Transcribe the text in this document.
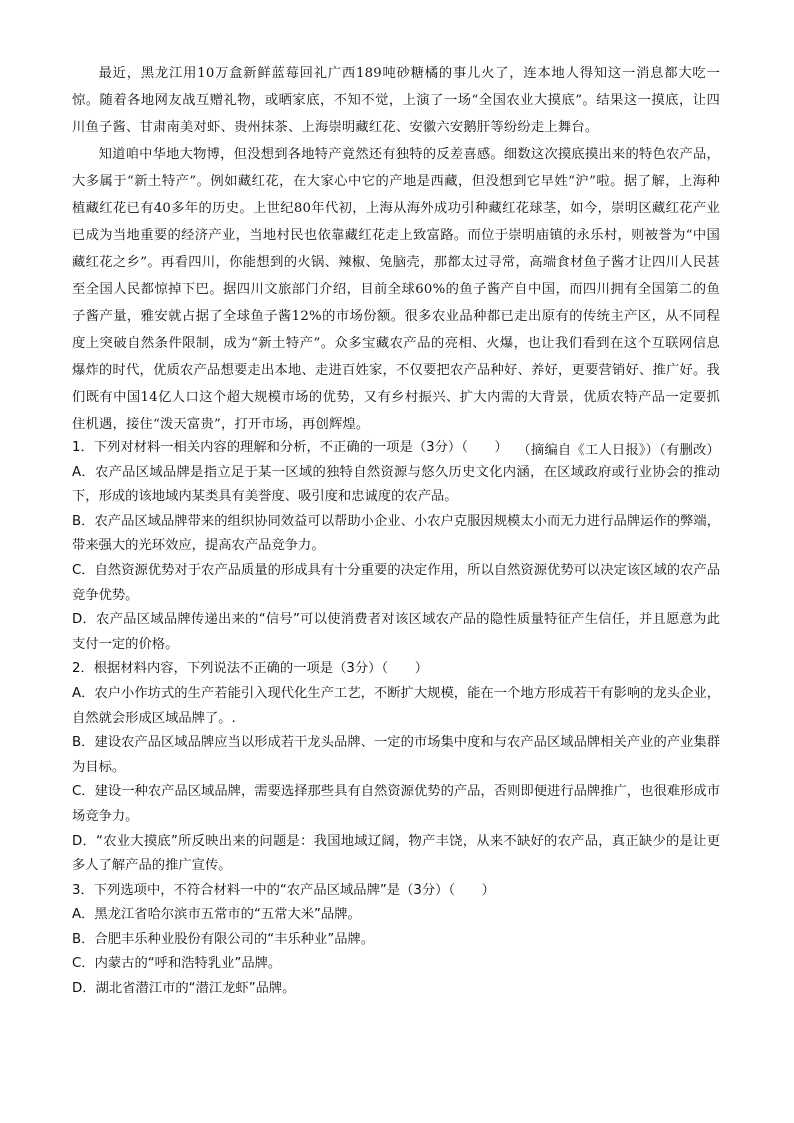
最近，黑龙江用10万盒新鲜蓝莓回礼广西189吨砂糖橘的事儿火了，连本地人得知这一消息都大吃一惊。随着各地网友战互赠礼物，或晒家底，不知不觉，上演了一场“全国农业大摸底”。结果这一摸底，让四川鱼子酱、甘肃南美对虾、贵州抹茶、上海崇明藏红花、安徽六安鹅肝等纷纷走上舞台。

知道咱中华地大物博，但没想到各地特产竟然还有独特的反差喜感。细数这次摸底摸出来的特色农产品，大多属于“新土特产”。例如藏红花，在大家心中它的产地是西藏，但没想到它早姓“沪”啦。据了解，上海种植藏红花已有40多年的历史。上世纪80年代初，上海从海外成功引种藏红花球茎，如今，崇明区藏红花产业已成为当地重要的经济产业，当地村民也依靠藏红花走上致富路。而位于崇明庙镇的永乐村，则被誉为“中国藏红花之乡”。再看四川，你能想到的火锅、辣椒、兔脑壳，那都太过寻常，高端食材鱼子酱才让四川人民甚至全国人民都惊掉下巴。据四川文旅部门介绍，目前全球60%的鱼子酱产自中国，而四川拥有全国第二的鱼子酱产量，雅安就占据了全球鱼子酱12%的市场份额。很多农业品种都已走出原有的传统主产区，从不同程度上突破自然条件限制，成为“新土特产”。众多宝藏农产品的亮相、火爆，也让我们看到在这个互联网信息爆炸的时代，优质农产品想要走出本地、走进百姓家，不仅要把农产品种好、养好，更要营销好、推广好。我们既有中国14亿人口这个超大规模市场的优势，又有乡村振兴、扩大内需的大背景，优质农特产品一定要抓住机遇，接住“泼天富贵”，打开市场，再创辉煌。

（摘编自《工人日报》）（有删改）

1．下列对材料一相关内容的理解和分析，不正确的一项是（3分）（　　）

A．农产品区域品牌是指立足于某一区域的独特自然资源与悠久历史文化内涵，在区域政府或行业协会的推动下，形成的该地域内某类具有美誉度、吸引度和忠诚度的农产品。

B．农产品区域品牌带来的组织协同效益可以帮助小企业、小农户克服因规模太小而无力进行品牌运作的弊端，带来强大的光环效应，提高农产品竞争力。

C．自然资源优势对于农产品质量的形成具有十分重要的决定作用，所以自然资源优势可以决定该区域的农产品竞争优势。

D．农产品区域品牌传递出来的“信号”可以使消费者对该区域农产品的隐性质量特征产生信任，并且愿意为此支付一定的价格。

2．根据材料内容，下列说法不正确的一项是（3分）（　　）

A．农户小作坊式的生产若能引入现代化生产工艺，不断扩大规模，能在一个地方形成若干有影响的龙头企业，自然就会形成区域品牌了。.

B．建设农产品区域品牌应当以形成若干龙头品牌、一定的市场集中度和与农产品区域品牌相关产业的产业集群为目标。

C．建设一种农产品区域品牌，需要选择那些具有自然资源优势的产品，否则即便进行品牌推广，也很难形成市场竞争力。

D．“农业大摸底”所反映出来的问题是：我国地域辽阔，物产丰饶，从来不缺好的农产品，真正缺少的是让更多人了解产品的推广宣传。

3．下列选项中，不符合材料一中的“农产品区域品牌”是（3分）（　　）

A．黑龙江省哈尔滨市五常市的“五常大米”品牌。

B．合肥丰乐种业股份有限公司的“丰乐种业”品牌。

C．内蒙古的“呼和浩特乳业”品牌。

D．湖北省潜江市的“潜江龙虾”品牌。
